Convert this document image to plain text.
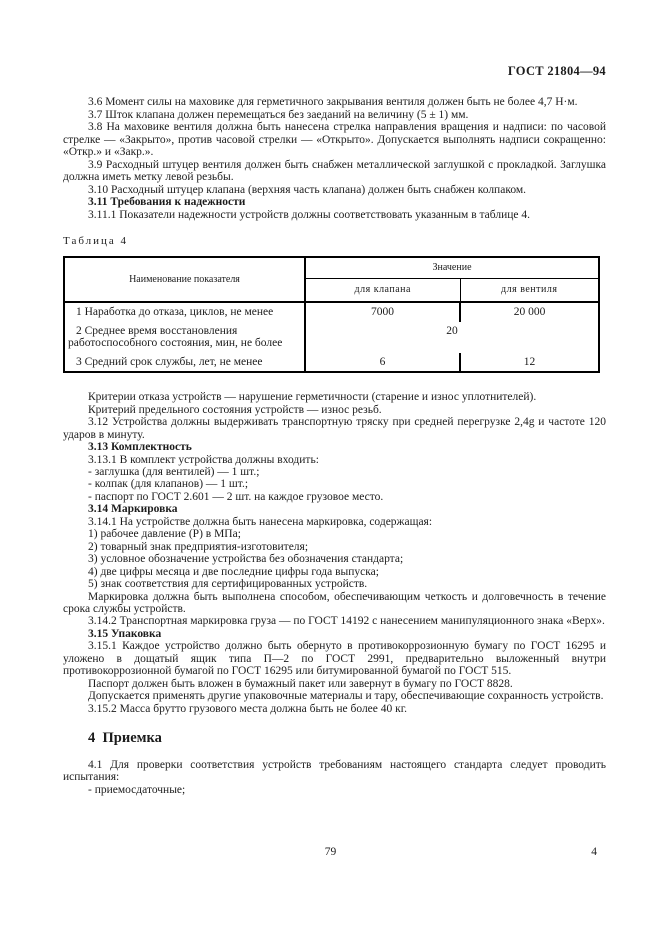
ГОСТ 21804—94

3.6 Момент силы на маховике для герметичного закрывания вентиля должен быть не более 4,7 Н·м.

3.7 Шток клапана должен перемещаться без заеданий на величину (5 ± 1) мм.

3.8 На маховике вентиля должна быть нанесена стрелка направления вращения и надписи: по часовой стрелке — «Закрыто», против часовой стрелки — «Открыто». Допускается выполнять надписи сокращенно: «Откр.» и «Закр.».

3.9 Расходный штуцер вентиля должен быть снабжен металлической заглушкой с прокладкой. Заглушка должна иметь метку левой резьбы.

3.10 Расходный штуцер клапана (верхняя часть клапана) должен быть снабжен колпаком.

3.11 Требования к надежности

3.11.1 Показатели надежности устройств должны соответствовать указанным в таблице 4.

Таблица 4
Наименование показателя	Значение	
	для клапана	для вентиля
1 Наработка до отказа, циклов, не менее	7000	20 000
2 Среднее время восстановления работоспособного состояния, мин, не более	20	
3 Средний срок службы, лет, не менее	6	12

Критерии отказа устройств — нарушение герметичности (старение и износ уплотнителей).

Критерий предельного состояния устройств — износ резьб.

3.12 Устройства должны выдерживать транспортную тряску при средней перегрузке 2,4g и частоте 120 ударов в минуту.

3.13 Комплектность

3.13.1 В комплект устройства должны входить:

- заглушка (для вентилей) — 1 шт.;

- колпак (для клапанов) — 1 шт.;

- паспорт по ГОСТ 2.601 — 2 шт. на каждое грузовое место.

3.14 Маркировка

3.14.1 На устройстве должна быть нанесена маркировка, содержащая:

1) рабочее давление (Р) в МПа;

2) товарный знак предприятия-изготовителя;

3) условное обозначение устройства без обозначения стандарта;

4) две цифры месяца и две последние цифры года выпуска;

5) знак соответствия для сертифицированных устройств.

Маркировка должна быть выполнена способом, обеспечивающим четкость и долговечность в течение срока службы устройств.

3.14.2 Транспортная маркировка груза — по ГОСТ 14192 с нанесением манипуляционного знака «Верх».

3.15 Упаковка

3.15.1 Каждое устройство должно быть обернуто в противокоррозионную бумагу по ГОСТ 16295 и уложено в дощатый ящик типа П—2 по ГОСТ 2991, предварительно выложенный внутри противокоррозионной бумагой по ГОСТ 16295 или битумированной бумагой по ГОСТ 515.

Паспорт должен быть вложен в бумажный пакет или завернут в бумагу по ГОСТ 8828.

Допускается применять другие упаковочные материалы и тару, обеспечивающие сохранность устройств.

3.15.2 Масса брутто грузового места должна быть не более 40 кг.

4  Приемка

4.1 Для проверки соответствия устройств требованиям настоящего стандарта следует проводить испытания:

- приемосдаточные;

79	4
